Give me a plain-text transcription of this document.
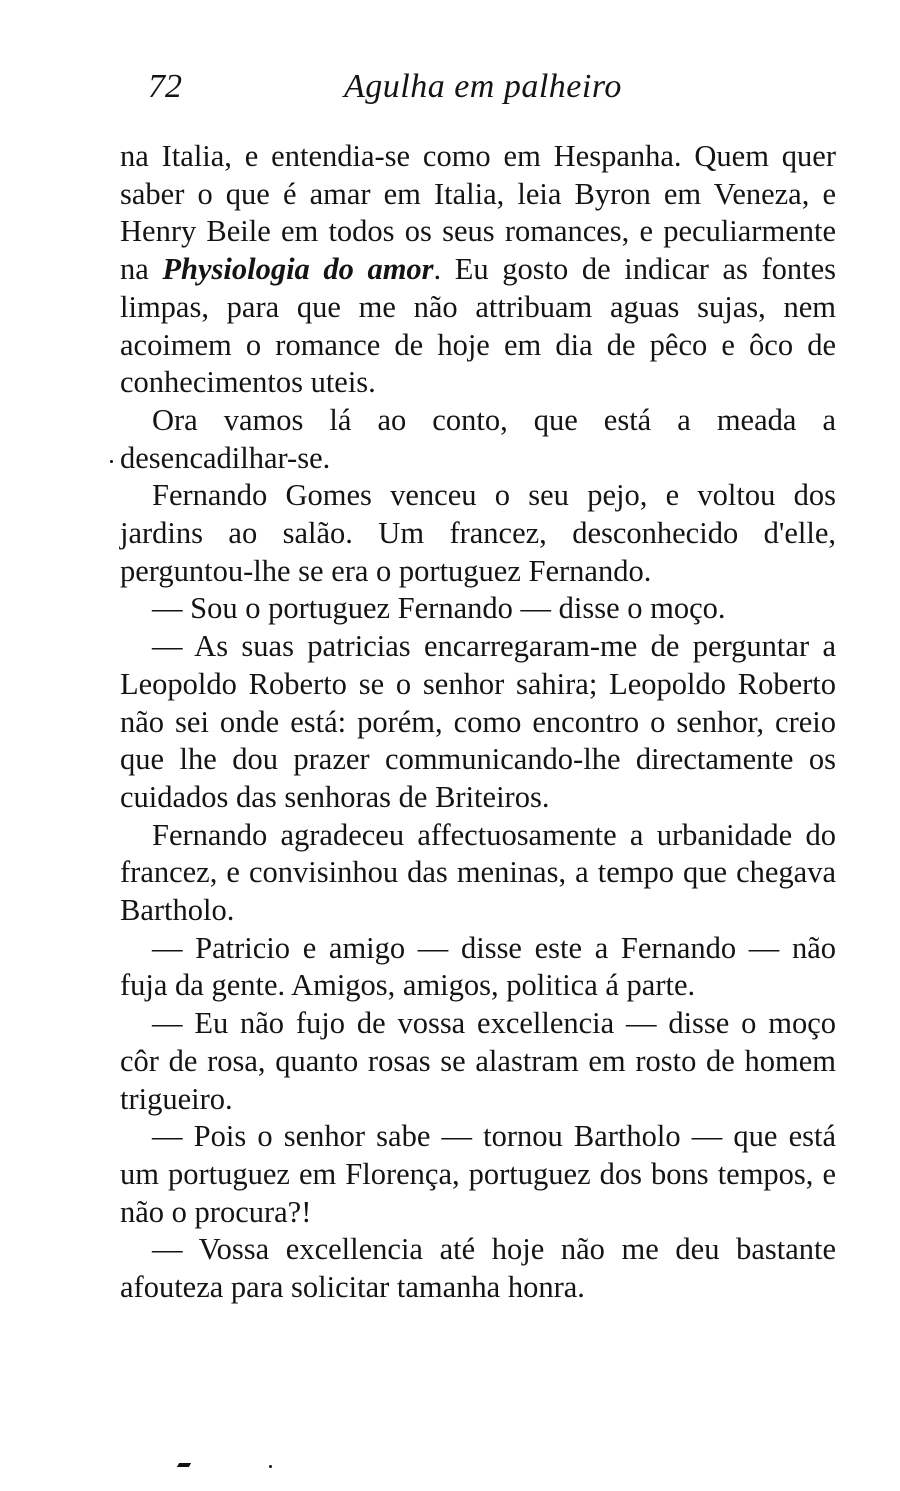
72	Agulha em palheiro

na Italia, e entendia-se como em Hespanha. Quem quer saber o que é amar em Italia, leia Byron em Veneza, e Henry Beile em todos os seus romances, e peculiarmente na Physiologia do amor. Eu gosto de indicar as fontes limpas, para que me não attribuam aguas sujas, nem acoimem o romance de hoje em dia de pêco e ôco de conhecimentos uteis.

Ora vamos lá ao conto, que está a meada a desencadilhar-se.

Fernando Gomes venceu o seu pejo, e voltou dos jardins ao salão. Um francez, desconhecido d'elle, perguntou-lhe se era o portuguez Fernando.

— Sou o portuguez Fernando — disse o moço.

— As suas patricias encarregaram-me de perguntar a Leopoldo Roberto se o senhor sahira; Leopoldo Roberto não sei onde está: porém, como encontro o senhor, creio que lhe dou prazer communicando-lhe directamente os cuidados das senhoras de Briteiros.

Fernando agradeceu affectuosamente a urbanidade do francez, e convisinhou das meninas, a tempo que chegava Bartholo.

— Patricio e amigo — disse este a Fernando — não fuja da gente. Amigos, amigos, politica á parte.

— Eu não fujo de vossa excellencia — disse o moço côr de rosa, quanto rosas se alastram em rosto de homem trigueiro.

— Pois o senhor sabe — tornou Bartholo — que está um portuguez em Florença, portuguez dos bons tempos, e não o procura?!

— Vossa excellencia até hoje não me deu bastante afouteza para solicitar tamanha honra.
